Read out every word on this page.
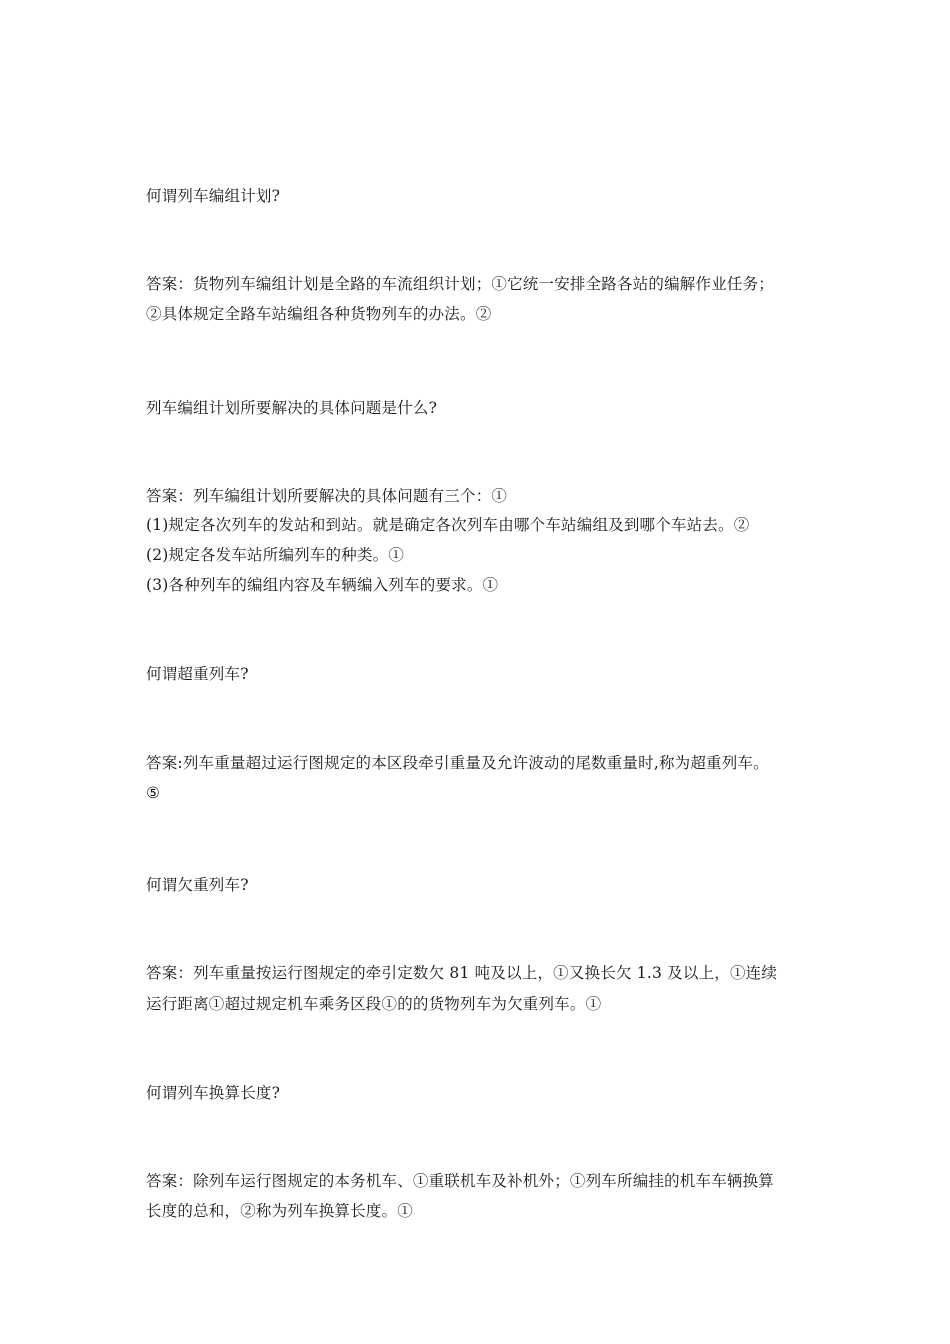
何谓列车编组计划?
答案：货物列车编组计划是全路的车流组织计划；①它统一安排全路各站的编解作业任务；
②具体规定全路车站编组各种货物列车的办法。②
列车编组计划所要解决的具体问题是什么?
答案：列车编组计划所要解决的具体问题有三个：①
(1)规定各次列车的发站和到站。就是确定各次列车由哪个车站编组及到哪个车站去。②
(2)规定各发车站所编列车的种类。①
(3)各种列车的编组内容及车辆编入列车的要求。①
何谓超重列车?
答案:列车重量超过运行图规定的本区段牵引重量及允许波动的尾数重量时,称为超重列车。
⑤
何谓欠重列车?
答案：列车重量按运行图规定的牵引定数欠 81 吨及以上，①又换长欠 1.3 及以上，①连续
运行距离①超过规定机车乘务区段①的的货物列车为欠重列车。①
何谓列车换算长度?
答案：除列车运行图规定的本务机车、①重联机车及补机外；①列车所编挂的机车车辆换算
长度的总和，②称为列车换算长度。①
